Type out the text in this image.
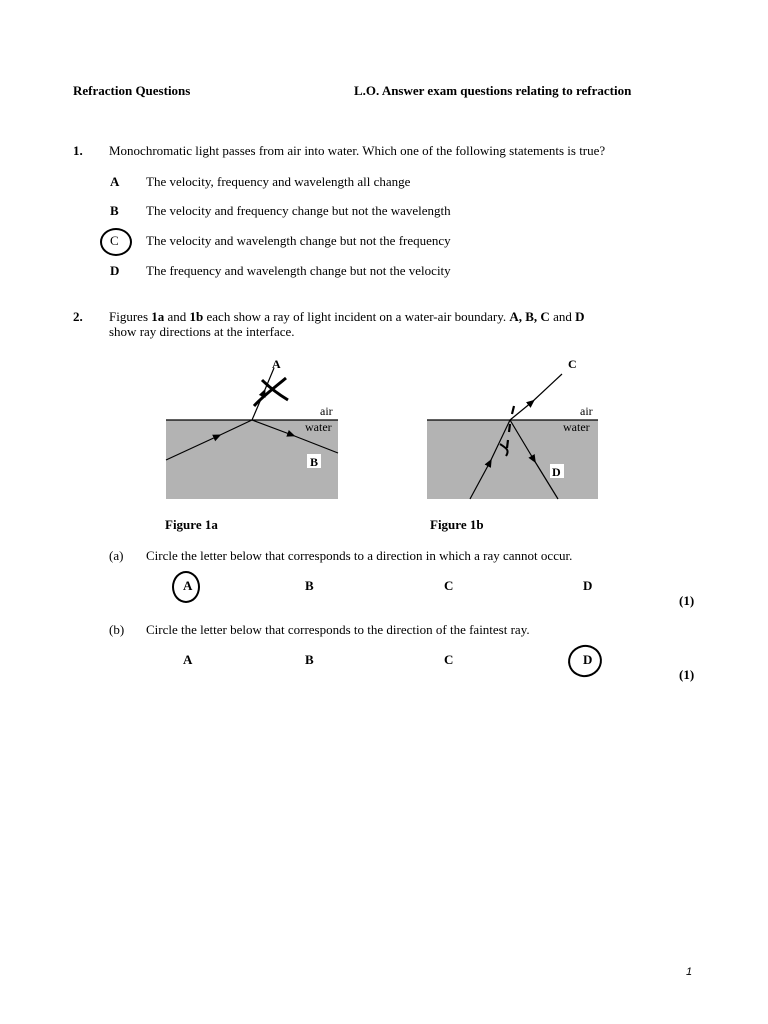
Refraction Questions	L.O. Answer exam questions relating to refraction
1. Monochromatic light passes from air into water. Which one of the following statements is true?
A The velocity, frequency and wavelength all change
B The velocity and frequency change but not the wavelength
C The velocity and wavelength change but not the frequency
D The frequency and wavelength change but not the velocity
2. Figures 1a and 1b each show a ray of light incident on a water-air boundary. A, B, C and D
show ray directions at the interface.
A
air
water
B
C
air
water
D
Figure 1a	Figure 1b
(a) Circle the letter below that corresponds to a direction in which a ray cannot occur.
A	B	C	D
(1)
(b) Circle the letter below that corresponds to the direction of the faintest ray.
A	B	C	D
(1)
1
